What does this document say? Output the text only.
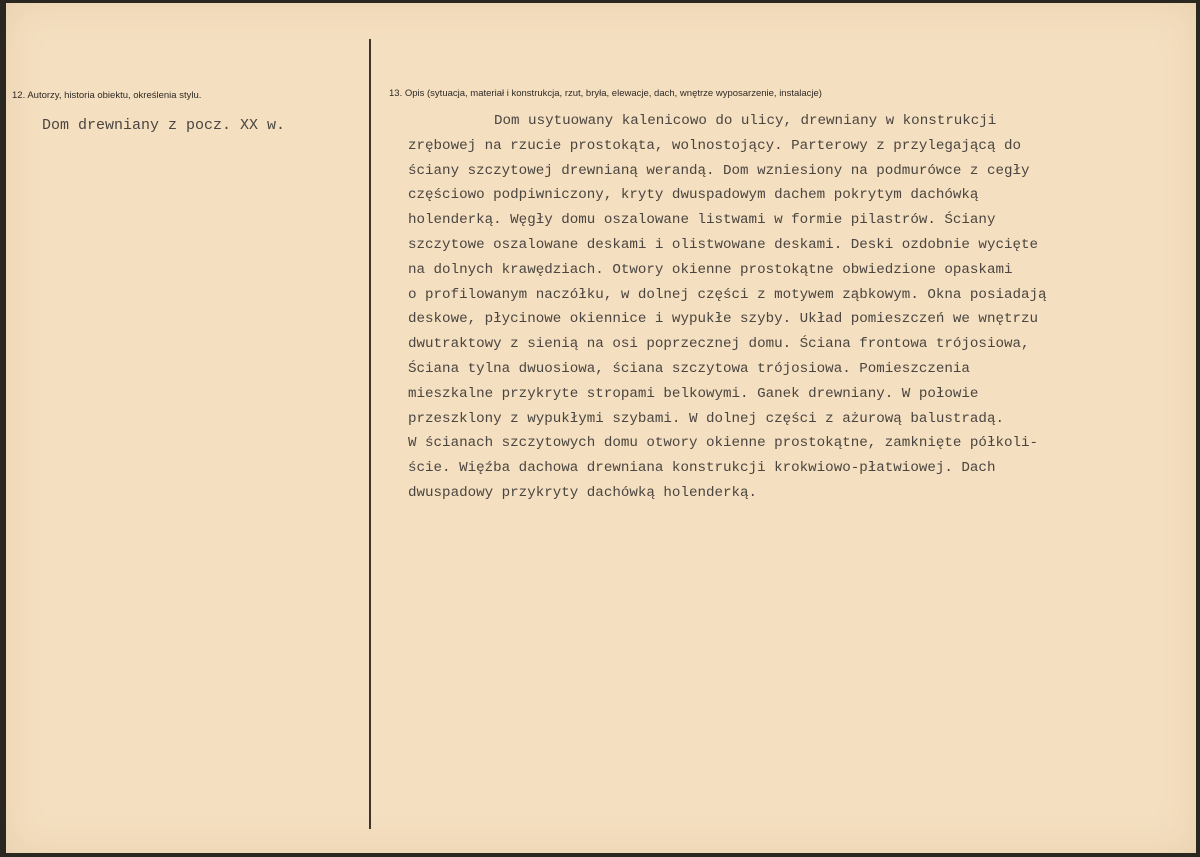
12. Autorzy, historia obiektu, określenia stylu.
Dom drewniany z pocz. XX w.
13. Opis (sytuacja, materiał i konstrukcja, rzut, bryła, elewacje, dach, wnętrze wyposarzenie, instalacje)
Dom usytuowany kalenicowo do ulicy, drewniany w konstrukcji
zrębowej na rzucie prostokąta, wolnostojący. Parterowy z przylegającą do
ściany szczytowej drewnianą werandą. Dom wzniesiony na podmurówce z cegły
częściowo podpiwniczony, kryty dwuspadowym dachem pokrytym dachówką
holenderką. Węgły domu oszalowane listwami w formie pilastrów. Ściany
szczytowe oszalowane deskami i olistwowane deskami. Deski ozdobnie wycięte
na dolnych krawędziach. Otwory okienne prostokątne obwiedzione opaskami
o profilowanym naczółku, w dolnej części z motywem ząbkowym. Okna posiadają
deskowe, płycinowe okiennice i wypukłe szyby. Układ pomieszczeń we wnętrzu
dwutraktowy z sienią na osi poprzecznej domu. Ściana frontowa trójosiowa,
Ściana tylna dwuosiowa, ściana szczytowa trójosiowa. Pomieszczenia
mieszkalne przykryte stropami belkowymi. Ganek drewniany. W połowie
przeszklony z wypukłymi szybami. W dolnej części z ażurową balustradą.
W ścianach szczytowych domu otwory okienne prostokątne, zamknięte półkoli-
ście. Więźba dachowa drewniana konstrukcji krokwiowo-płatwiowej. Dach
dwuspadowy przykryty dachówką holenderką.
